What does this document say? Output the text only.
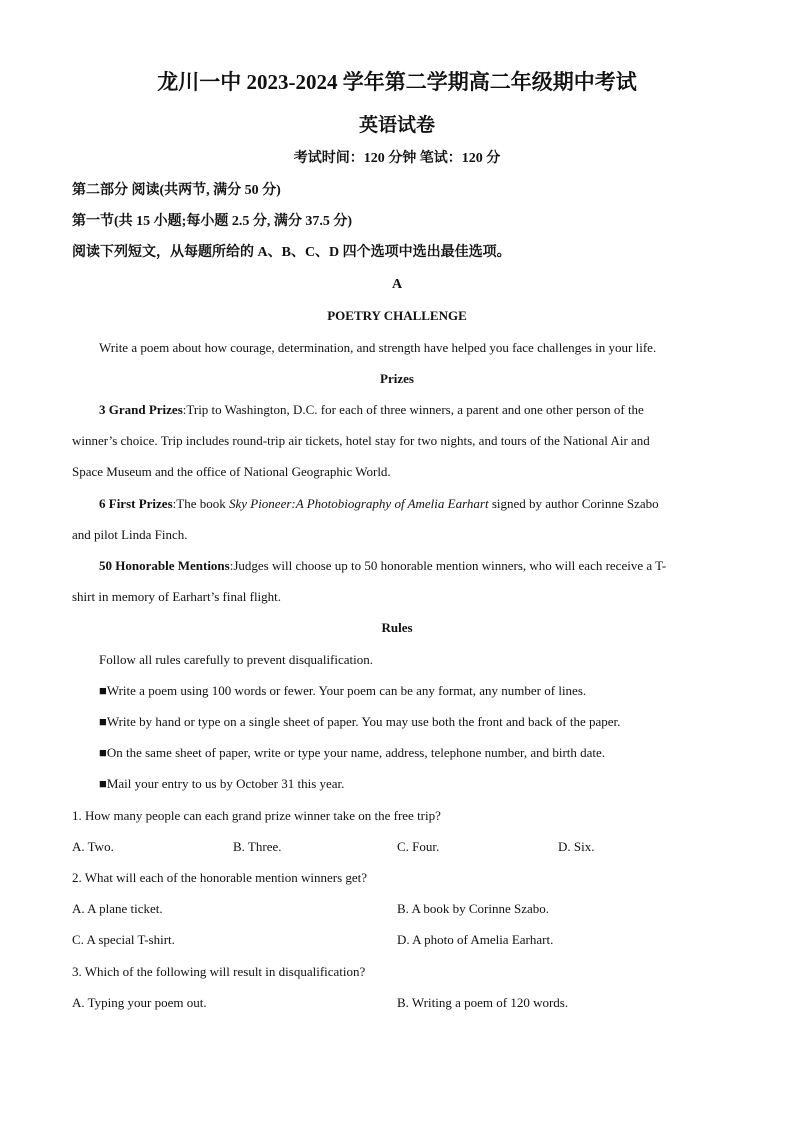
龙川一中 2023-2024 学年第二学期高二年级期中考试
英语试卷
考试时间：120 分钟 笔试：120 分
第二部分 阅读(共两节, 满分 50 分)
第一节(共 15 小题;每小题 2.5 分, 满分 37.5 分)
阅读下列短文，从每题所给的 A、B、C、D 四个选项中选出最佳选项。
A
POETRY CHALLENGE
Write a poem about how courage, determination, and strength have helped you face challenges in your life.
Prizes
3 Grand Prizes:Trip to Washington, D.C. for each of three winners, a parent and one other person of the
winner’s choice. Trip includes round-trip air tickets, hotel stay for two nights, and tours of the National Air and
Space Museum and the office of National Geographic World.
6 First Prizes:The book Sky Pioneer:A Photobiography of Amelia Earhart signed by author Corinne Szabo
and pilot Linda Finch.
50 Honorable Mentions:Judges will choose up to 50 honorable mention winners, who will each receive a T-
shirt in memory of Earhart’s final flight.
Rules
Follow all rules carefully to prevent disqualification.
■Write a poem using 100 words or fewer. Your poem can be any format, any number of lines.
■Write by hand or type on a single sheet of paper. You may use both the front and back of the paper.
■On the same sheet of paper, write or type your name, address, telephone number, and birth date.
■Mail your entry to us by October 31 this year.
1. How many people can each grand prize winner take on the free trip?
A. Two.	B. Three.	C. Four.	D. Six.
2. What will each of the honorable mention winners get?
A. A plane ticket.	B. A book by Corinne Szabo.
C. A special T-shirt.	D. A photo of Amelia Earhart.
3. Which of the following will result in disqualification?
A. Typing your poem out.	B. Writing a poem of 120 words.
